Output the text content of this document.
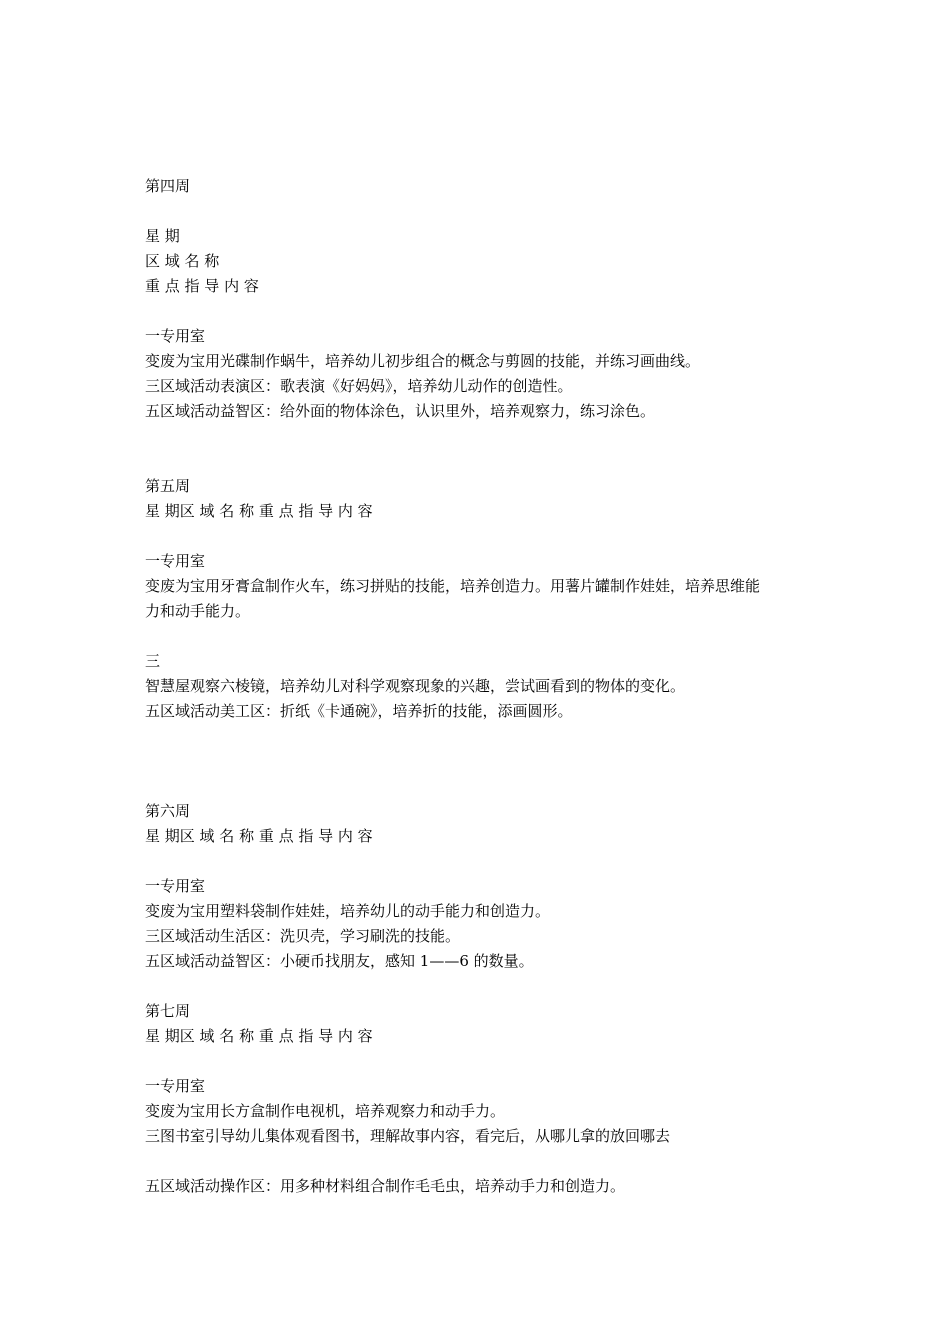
第四周

星 期

区 域 名 称

重 点 指 导 内 容

一专用室

变废为宝用光碟制作蜗牛，培养幼儿初步组合的概念与剪圆的技能，并练习画曲线。

三区域活动表演区：歌表演《好妈妈》，培养幼儿动作的创造性。

五区域活动益智区：给外面的物体涂色，认识里外，培养观察力，练习涂色。

第五周

星 期区 域 名 称 重 点 指 导 内 容

一专用室

变废为宝用牙膏盒制作火车，练习拼贴的技能，培养创造力。用薯片罐制作娃娃，培养思维能

力和动手能力。

三

智慧屋观察六棱镜，培养幼儿对科学观察现象的兴趣，尝试画看到的物体的变化。

五区域活动美工区：折纸《卡通碗》，培养折的技能，添画圆形。

第六周

星 期区 域 名 称 重 点 指 导 内 容

一专用室

变废为宝用塑料袋制作娃娃，培养幼儿的动手能力和创造力。

三区域活动生活区：洗贝壳，学习刷洗的技能。

五区域活动益智区：小硬币找朋友，感知 1——6 的数量。

第七周

星 期区 域 名 称 重 点 指 导 内 容

一专用室

变废为宝用长方盒制作电视机，培养观察力和动手力。

三图书室引导幼儿集体观看图书，理解故事内容，看完后，从哪儿拿的放回哪去

五区域活动操作区：用多种材料组合制作毛毛虫，培养动手力和创造力。
